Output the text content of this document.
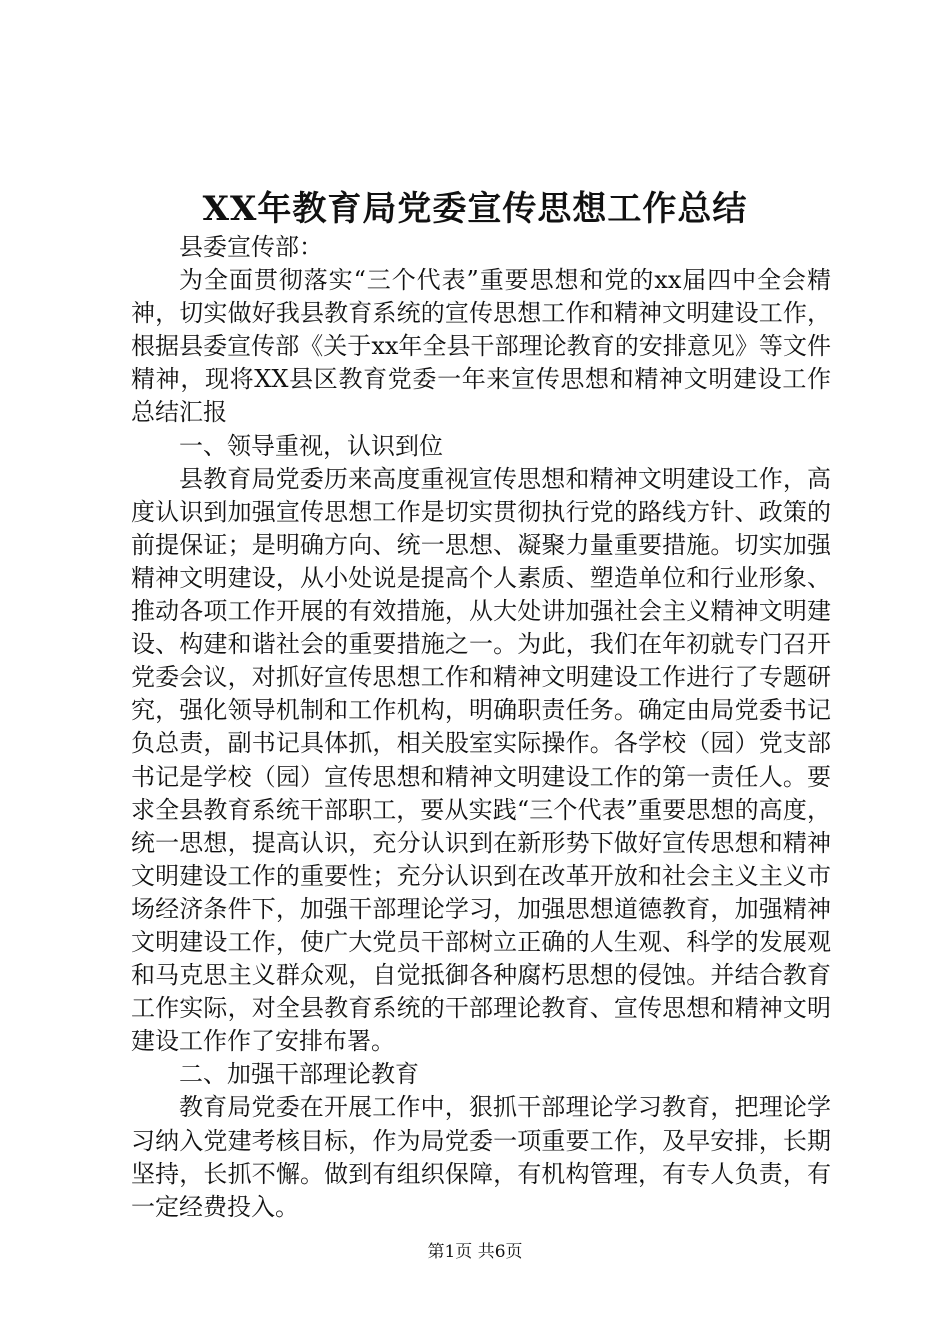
XX年教育局党委宣传思想工作总结

县委宣传部：

为全面贯彻落实“三个代表”重要思想和党的xx届四中全会精神，切实做好我县教育系统的宣传思想工作和精神文明建设工作，根据县委宣传部《关于xx年全县干部理论教育的安排意见》等文件精神，现将XX县区教育党委一年来宣传思想和精神文明建设工作总结汇报

一、领导重视，认识到位

县教育局党委历来高度重视宣传思想和精神文明建设工作，高度认识到加强宣传思想工作是切实贯彻执行党的路线方针、政策的前提保证；是明确方向、统一思想、凝聚力量重要措施。切实加强精神文明建设，从小处说是提高个人素质、塑造单位和行业形象、推动各项工作开展的有效措施，从大处讲加强社会主义精神文明建设、构建和谐社会的重要措施之一。为此，我们在年初就专门召开党委会议，对抓好宣传思想工作和精神文明建设工作进行了专题研究，强化领导机制和工作机构，明确职责任务。确定由局党委书记负总责，副书记具体抓，相关股室实际操作。各学校（园）党支部书记是学校（园）宣传思想和精神文明建设工作的第一责任人。要求全县教育系统干部职工，要从实践“三个代表”重要思想的高度，统一思想，提高认识，充分认识到在新形势下做好宣传思想和精神文明建设工作的重要性；充分认识到在改革开放和社会主义主义市场经济条件下，加强干部理论学习，加强思想道德教育，加强精神文明建设工作，使广大党员干部树立正确的人生观、科学的发展观和马克思主义群众观，自觉抵御各种腐朽思想的侵蚀。并结合教育工作实际，对全县教育系统的干部理论教育、宣传思想和精神文明建设工作作了安排布署。

二、加强干部理论教育

教育局党委在开展工作中，狠抓干部理论学习教育，把理论学习纳入党建考核目标，作为局党委一项重要工作，及早安排，长期坚持，长抓不懈。做到有组织保障，有机构管理，有专人负责，有一定经费投入。

第1页 共6页
